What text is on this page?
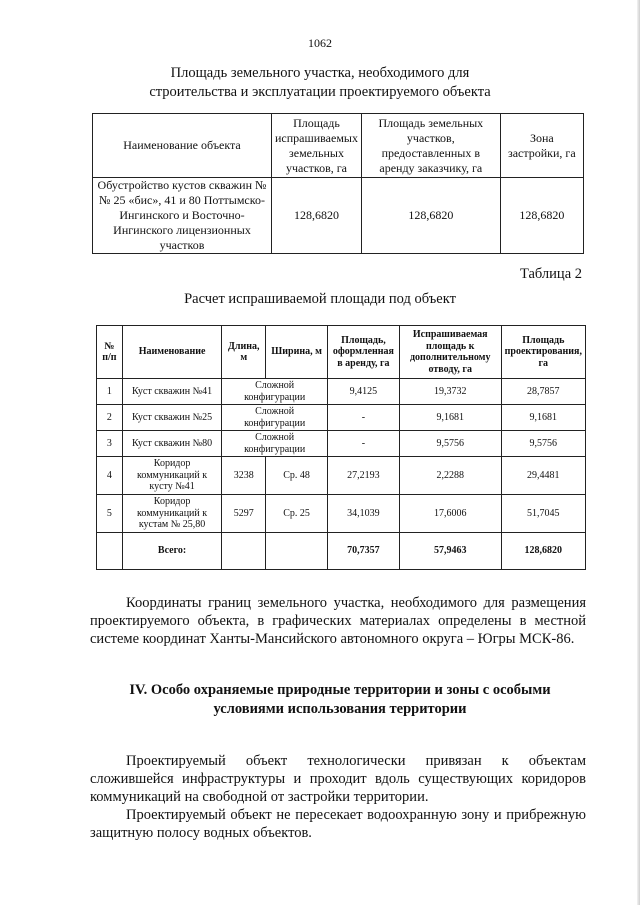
1062
Площадь земельного участка, необходимого для
строительства и эксплуатации проектируемого объекта
Наименование объекта	Площадь испрашиваемых земельных участков, га	Площадь земельных участков, предоставленных в аренду заказчику, га	Зона застройки, га
Обустройство кустов скважин №№ 25 «бис», 41 и 80 Поттымско-Ингинского и Восточно-Ингинского лицензионных участков	128,6820	128,6820	128,6820
Таблица 2
Расчет испрашиваемой площади под объект
№ п/п	Наименование	Длина, м	Ширина, м	Площадь, оформленная в аренду, га	Испрашиваемая площадь к дополнительному отводу, га	Площадь проектирования, га
1	Куст скважин №41	Сложной конфигурации		9,4125	19,3732	28,7857
2	Куст скважин №25	Сложной конфигурации		-	9,1681	9,1681
3	Куст скважин №80	Сложной конфигурации		-	9,5756	9,5756
4	Коридор коммуникаций к кусту №41	3238	Ср. 48	27,2193	2,2288	29,4481
5	Коридор коммуникаций к кустам № 25,80	5297	Ср. 25	34,1039	17,6006	51,7045
	Всего:			70,7357	57,9463	128,6820
Координаты границ земельного участка, необходимого для размещения проектируемого объекта, в графических материалах определены в местной системе координат Ханты-Мансийского автономного округа – Югры МСК-86.
IV. Особо охраняемые природные территории и зоны с особыми условиями использования территории
Проектируемый объект технологически привязан к объектам сложившейся инфраструктуры и проходит вдоль существующих коридоров коммуникаций на свободной от застройки территории.
Проектируемый объект не пересекает водоохранную зону и прибрежную защитную полосу водных объектов.
